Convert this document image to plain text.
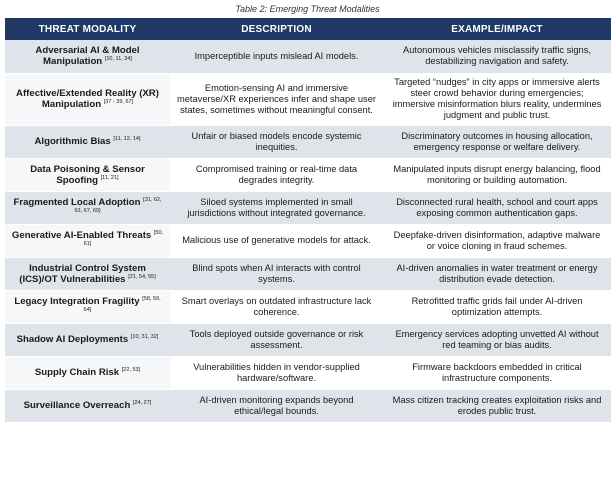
Table 2: Emerging Threat Modalities
THREAT MODALITY	DESCRIPTION	EXAMPLE/IMPACT
Adversarial AI & Model Manipulation [10, 11, 34]	Imperceptible inputs mislead AI models.	Autonomous vehicles misclassify traffic signs, destabilizing navigation and safety.
Affective/Extended Reality (XR) Manipulation [37 - 39, 67]	Emotion-sensing AI and immersive metaverse/XR experiences infer and shape user states, sometimes without meaningful consent.	Targeted “nudges” in city apps or immersive alerts steer crowd behavior during emergencies; immersive misinformation blurs reality, undermines judgment and public trust.
Algorithmic Bias [11, 12, 14]	Unfair or biased models encode systemic inequities.	Discriminatory outcomes in housing allocation, emergency response or welfare delivery.
Data Poisoning & Sensor Spoofing [11, 21]	Compromised training or real-time data degrades integrity.	Manipulated inputs disrupt energy balancing, flood monitoring or building automation.
Fragmented Local Adoption [31, 62, 63, 67, 69]	Siloed systems implemented in small jurisdictions without integrated governance.	Disconnected rural health, school and court apps exposing common authentication gaps.
Generative AI-Enabled Threats [50, 61]	Malicious use of generative models for attack.	Deepfake-driven disinformation, adaptive malware or voice cloning in fraud schemes.
Industrial Control System (ICS)/OT Vulnerabilities [21, 54, 55]	Blind spots when AI interacts with control systems.	AI-driven anomalies in water treatment or energy distribution evade detection.
Legacy Integration Fragility [58, 59, 64]	Smart overlays on outdated infrastructure lack coherence.	Retrofitted traffic grids fail under AI-driven optimization attempts.
Shadow AI Deployments [10, 31, 32]	Tools deployed outside governance or risk assessment.	Emergency services adopting unvetted AI without red teaming or bias audits.
Supply Chain Risk [22, 53]	Vulnerabilities hidden in vendor-supplied hardware/software.	Firmware backdoors embedded in critical infrastructure components.
Surveillance Overreach [24, 27]	AI-driven monitoring expands beyond ethical/legal bounds.	Mass citizen tracking creates exploitation risks and erodes public trust.
